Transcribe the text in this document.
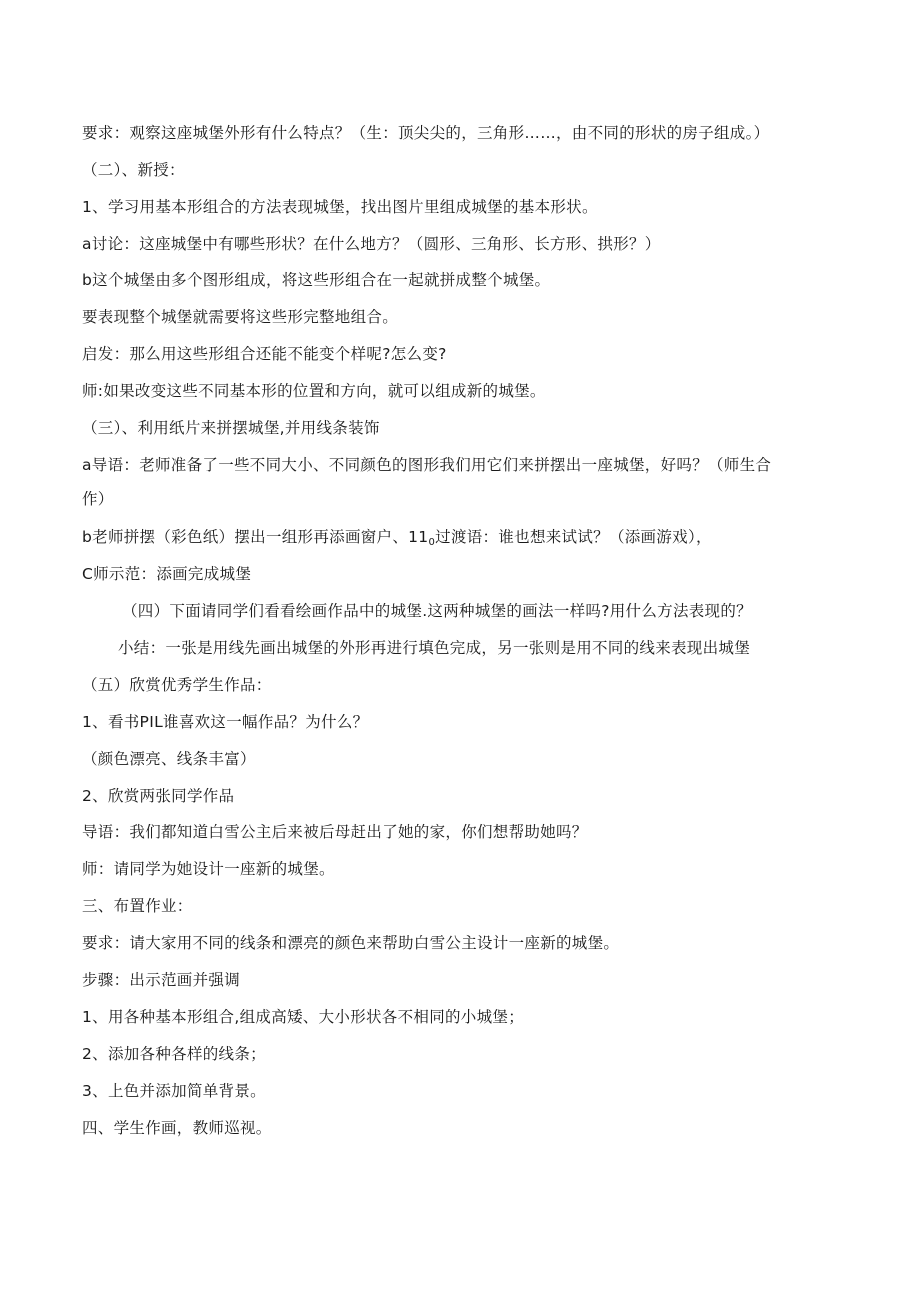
要求：观察这座城堡外形有什么特点？（生：顶尖尖的，三角形……，由不同的形状的房子组成。）
（二）、新授：
1、学习用基本形组合的方法表现城堡，找出图片里组成城堡的基本形状。
a讨论：这座城堡中有哪些形状？在什么地方？（圆形、三角形、长方形、拱形？）
b这个城堡由多个图形组成，将这些形组合在一起就拼成整个城堡。
要表现整个城堡就需要将这些形完整地组合。
启发：那么用这些形组合还能不能变个样呢?怎么变?
师:如果改变这些不同基本形的位置和方向，就可以组成新的城堡。
（三）、利用纸片来拼摆城堡,并用线条装饰
a导语：老师准备了一些不同大小、不同颜色的图形我们用它们来拼摆出一座城堡，好吗？（师生合
作）
b老师拼摆（彩色纸）摆出一组形再添画窗户、$11_0$过渡语：谁也想来试试？（添画游戏），
C师示范：添画完成城堡
（四）下面请同学们看看绘画作品中的城堡.这两种城堡的画法一样吗?用什么方法表现的？
小结：一张是用线先画出城堡的外形再进行填色完成，另一张则是用不同的线来表现出城堡
（五）欣赏优秀学生作品：
1、看书PIL谁喜欢这一幅作品？为什么？
（颜色漂亮、线条丰富）
2、欣赏两张同学作品
导语：我们都知道白雪公主后来被后母赶出了她的家，你们想帮助她吗？
师：请同学为她设计一座新的城堡。
三、布置作业：
要求：请大家用不同的线条和漂亮的颜色来帮助白雪公主设计一座新的城堡。
步骤：出示范画并强调
1、用各种基本形组合,组成高矮、大小形状各不相同的小城堡；
2、添加各种各样的线条；
3、上色并添加简单背景。
四、学生作画，教师巡视。
